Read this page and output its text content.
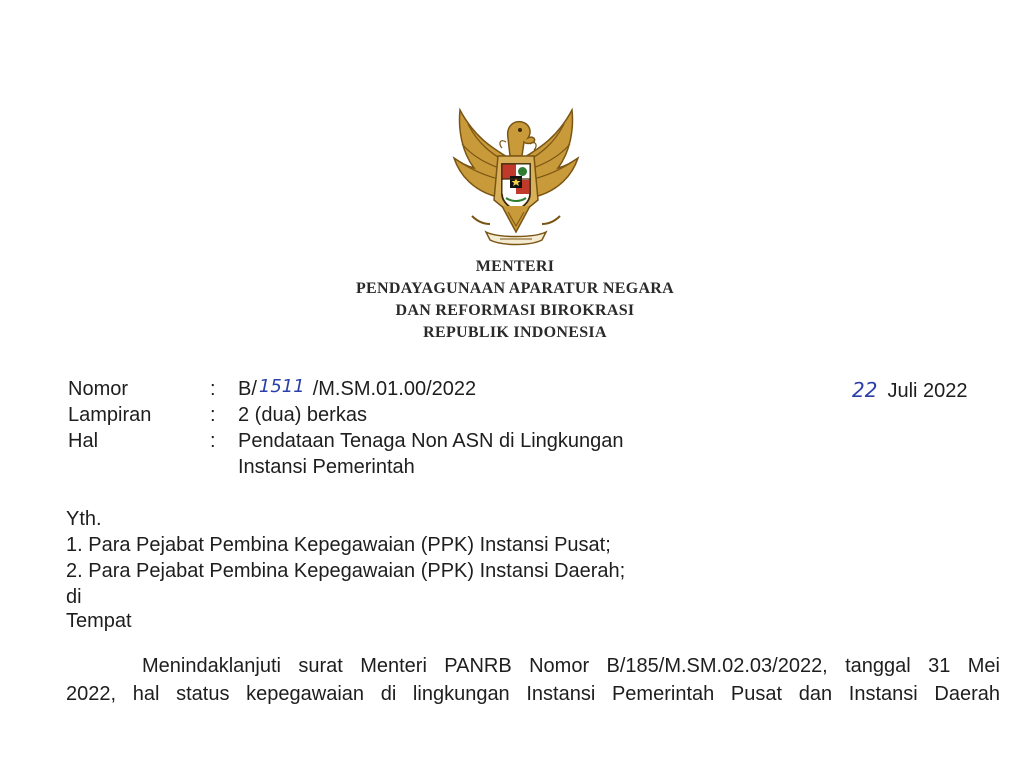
MENTERI
PENDAYAGUNAAN APARATUR NEGARA
DAN REFORMASI BIROKRASI
REPUBLIK INDONESIA
Nomor
Lampiran
Hal
:
:
:
B/ 1511 /M.SM.01.00/2022
2 (dua) berkas
Pendataan Tenaga Non ASN di Lingkungan
Instansi Pemerintah
22 Juli 2022
Yth.
1. Para Pejabat Pembina Kepegawaian (PPK) Instansi Pusat;
2. Para Pejabat Pembina Kepegawaian (PPK) Instansi Daerah;
di
Tempat
Menindaklanjuti surat Menteri PANRB Nomor B/185/M.SM.02.03/2022, tanggal 31 Mei
2022, hal status kepegawaian di lingkungan Instansi Pemerintah Pusat dan Instansi Daerah
